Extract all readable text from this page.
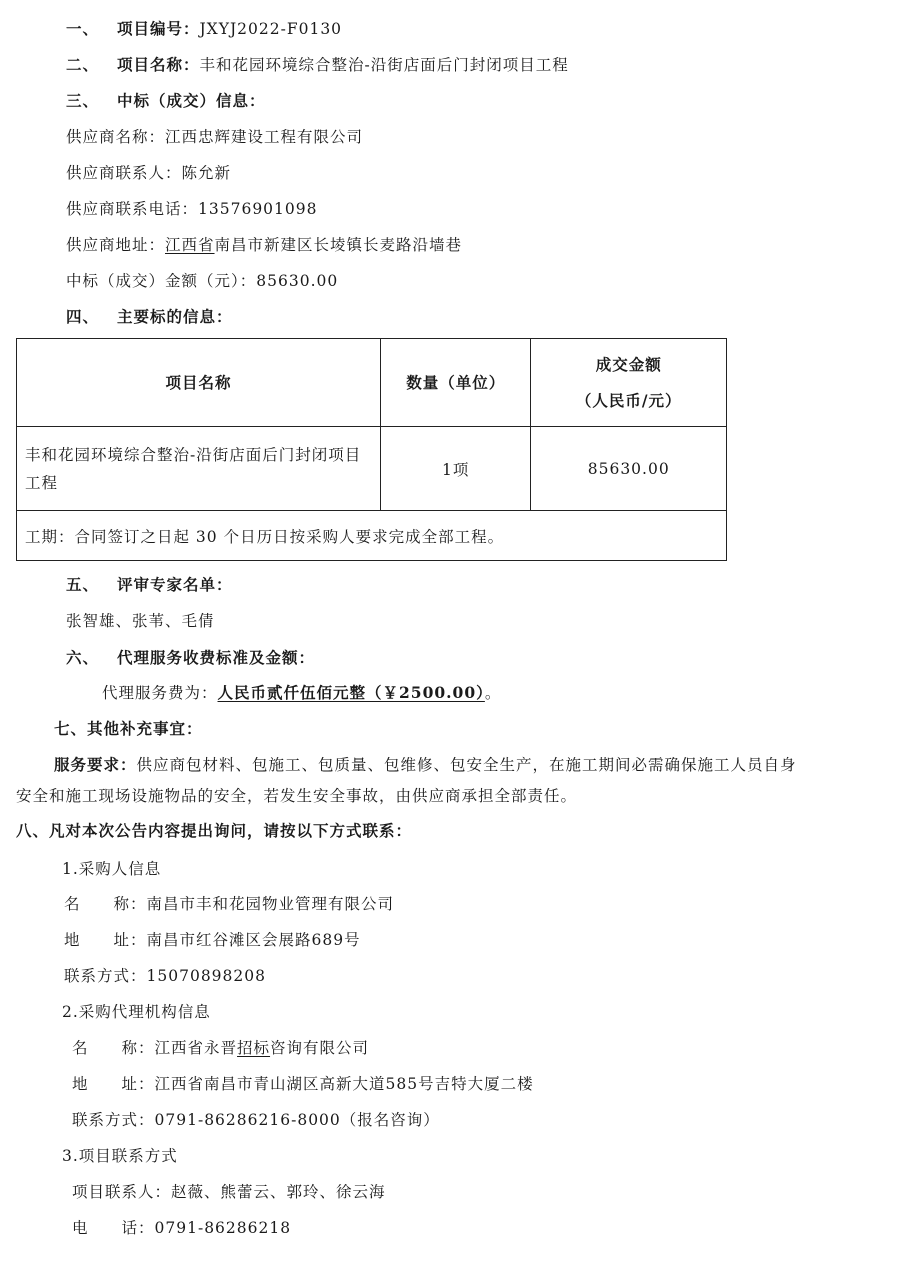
一、 项目编号：JXYJ2022-F0130
二、 项目名称：丰和花园环境综合整治-沿街店面后门封闭项目工程
三、 中标（成交）信息：
供应商名称：江西忠辉建设工程有限公司
供应商联系人：陈允新
供应商联系电话：13576901098
供应商地址：江西省南昌市新建区长堎镇长麦路沿墙巷
中标（成交）金额（元）：85630.00
四、 主要标的信息：
项目名称	数量（单位）	成交金额
（人民币/元）

丰和花园环境综合整治-沿街店面后门封闭项目工程	1项	85630.00
工期：合同签订之日起 30 个日历日按采购人要求完成全部工程。		
五、 评审专家名单：
张智雄、张苇、毛倩
六、 代理服务收费标准及金额：
代理服务费为：人民币贰仟伍佰元整（￥2500.00）。
七、其他补充事宜：
服务要求：供应商包材料、包施工、包质量、包维修、包安全生产，在施工期间必需确保施工人员自身
安全和施工现场设施物品的安全，若发生安全事故，由供应商承担全部责任。
八、凡对本次公告内容提出询问，请按以下方式联系：
1.采购人信息
名　　称：南昌市丰和花园物业管理有限公司
地　　址：南昌市红谷滩区会展路689号
联系方式：15070898208
2.采购代理机构信息
名　　称：江西省永晋招标咨询有限公司
地　　址：江西省南昌市青山湖区高新大道585号吉特大厦二楼
联系方式：0791-86286216-8000（报名咨询）
3.项目联系方式
项目联系人：赵薇、熊蕾云、郭玲、徐云海
电　　话：0791-86286218
